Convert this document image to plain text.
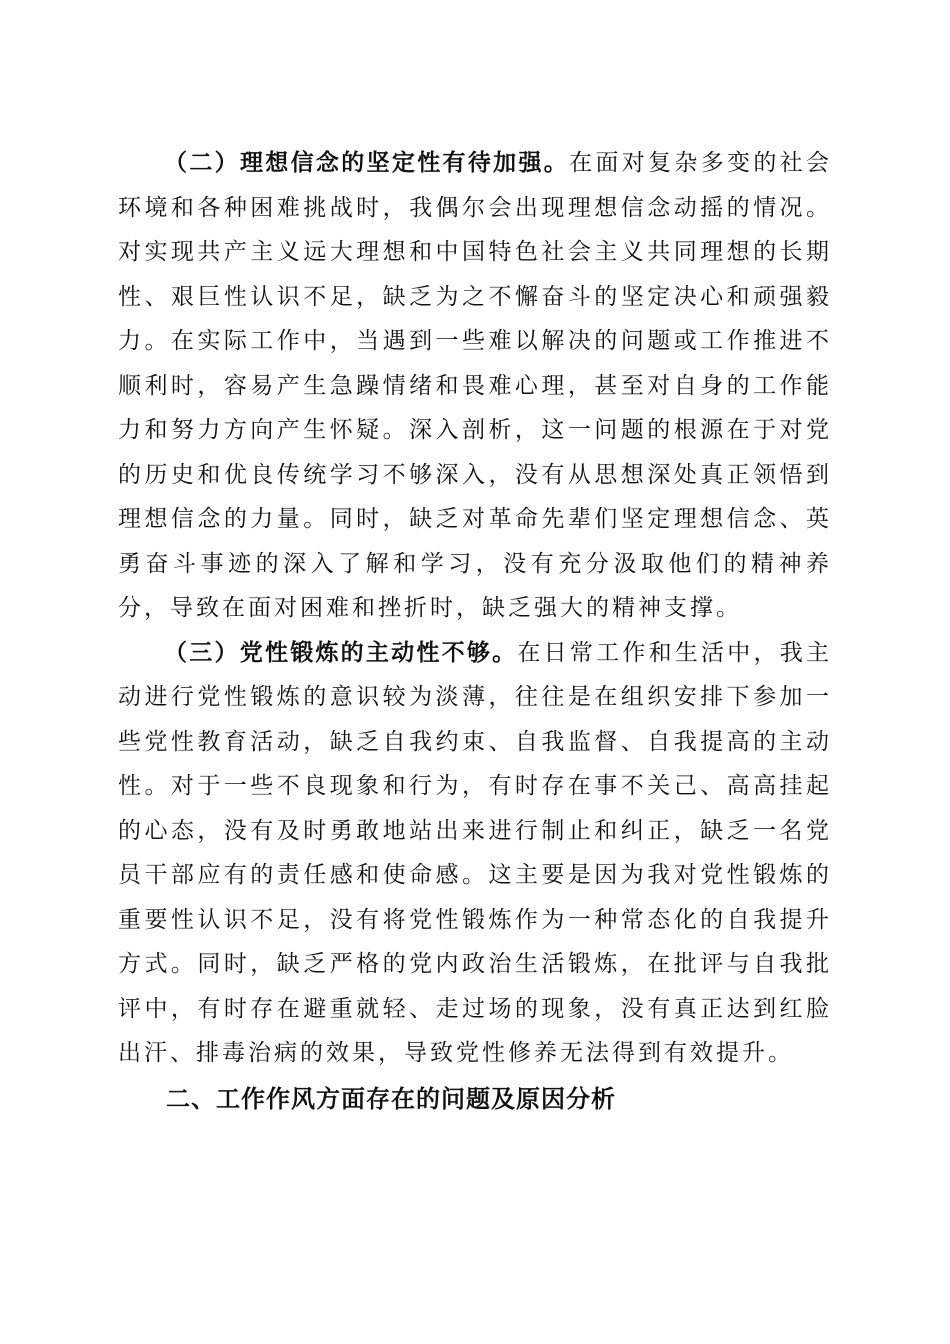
（二）理想信念的坚定性有待加强。在面对复杂多变的社会环境和各种困难挑战时，我偶尔会出现理想信念动摇的情况。对实现共产主义远大理想和中国特色社会主义共同理想的长期性、艰巨性认识不足，缺乏为之不懈奋斗的坚定决心和顽强毅力。在实际工作中，当遇到一些难以解决的问题或工作推进不顺利时，容易产生急躁情绪和畏难心理，甚至对自身的工作能力和努力方向产生怀疑。深入剖析，这一问题的根源在于对党的历史和优良传统学习不够深入，没有从思想深处真正领悟到理想信念的力量。同时，缺乏对革命先辈们坚定理想信念、英勇奋斗事迹的深入了解和学习，没有充分汲取他们的精神养分，导致在面对困难和挫折时，缺乏强大的精神支撑。

（三）党性锻炼的主动性不够。在日常工作和生活中，我主动进行党性锻炼的意识较为淡薄，往往是在组织安排下参加一些党性教育活动，缺乏自我约束、自我监督、自我提高的主动性。对于一些不良现象和行为，有时存在事不关己、高高挂起的心态，没有及时勇敢地站出来进行制止和纠正，缺乏一名党员干部应有的责任感和使命感。这主要是因为我对党性锻炼的重要性认识不足，没有将党性锻炼作为一种常态化的自我提升方式。同时，缺乏严格的党内政治生活锻炼，在批评与自我批评中，有时存在避重就轻、走过场的现象，没有真正达到红脸出汗、排毒治病的效果，导致党性修养无法得到有效提升。

二、工作作风方面存在的问题及原因分析
